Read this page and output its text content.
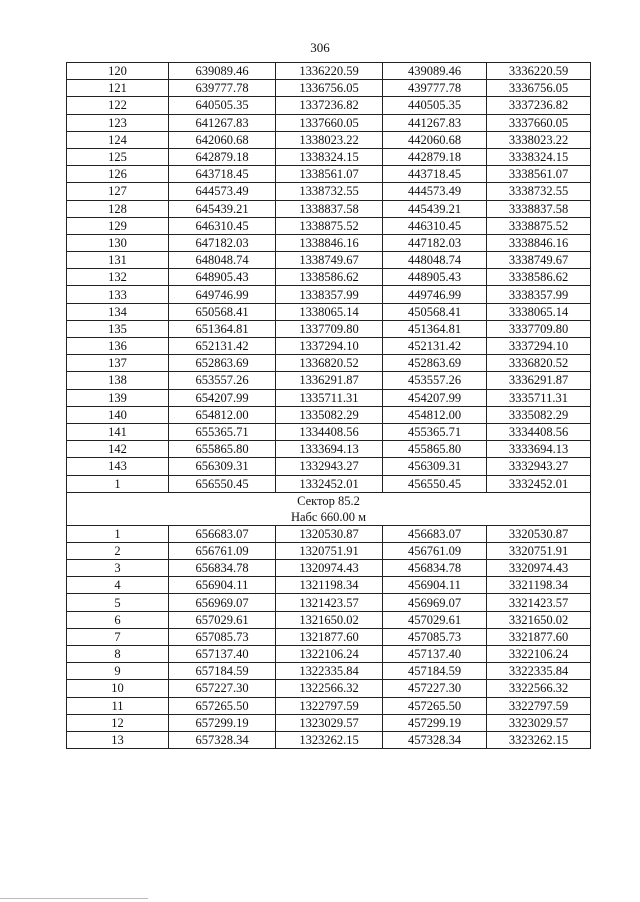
306
120	639089.46	1336220.59	439089.46	3336220.59
121	639777.78	1336756.05	439777.78	3336756.05
122	640505.35	1337236.82	440505.35	3337236.82
123	641267.83	1337660.05	441267.83	3337660.05
124	642060.68	1338023.22	442060.68	3338023.22
125	642879.18	1338324.15	442879.18	3338324.15
126	643718.45	1338561.07	443718.45	3338561.07
127	644573.49	1338732.55	444573.49	3338732.55
128	645439.21	1338837.58	445439.21	3338837.58
129	646310.45	1338875.52	446310.45	3338875.52
130	647182.03	1338846.16	447182.03	3338846.16
131	648048.74	1338749.67	448048.74	3338749.67
132	648905.43	1338586.62	448905.43	3338586.62
133	649746.99	1338357.99	449746.99	3338357.99
134	650568.41	1338065.14	450568.41	3338065.14
135	651364.81	1337709.80	451364.81	3337709.80
136	652131.42	1337294.10	452131.42	3337294.10
137	652863.69	1336820.52	452863.69	3336820.52
138	653557.26	1336291.87	453557.26	3336291.87
139	654207.99	1335711.31	454207.99	3335711.31
140	654812.00	1335082.29	454812.00	3335082.29
141	655365.71	1334408.56	455365.71	3334408.56
142	655865.80	1333694.13	455865.80	3333694.13
143	656309.31	1332943.27	456309.31	3332943.27
1	656550.45	1332452.01	456550.45	3332452.01

Сектор 85.2
Набс 660.00 м				

1	656683.07	1320530.87	456683.07	3320530.87
2	656761.09	1320751.91	456761.09	3320751.91
3	656834.78	1320974.43	456834.78	3320974.43
4	656904.11	1321198.34	456904.11	3321198.34
5	656969.07	1321423.57	456969.07	3321423.57
6	657029.61	1321650.02	457029.61	3321650.02
7	657085.73	1321877.60	457085.73	3321877.60
8	657137.40	1322106.24	457137.40	3322106.24
9	657184.59	1322335.84	457184.59	3322335.84
10	657227.30	1322566.32	457227.30	3322566.32
11	657265.50	1322797.59	457265.50	3322797.59
12	657299.19	1323029.57	457299.19	3323029.57
13	657328.34	1323262.15	457328.34	3323262.15
